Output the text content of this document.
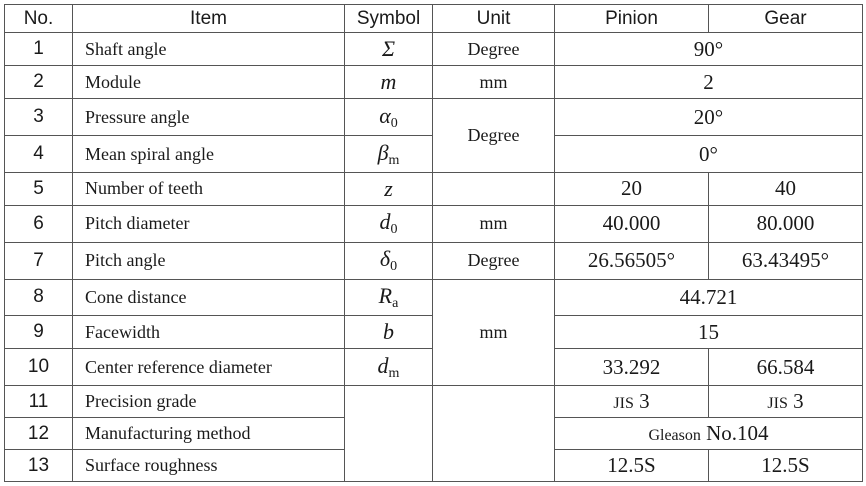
No.	Item	Symbol	Unit	Pinion	Gear
1	Shaft angle	Σ	Degree	90°	
2	Module	m	mm	2	
3	Pressure angle	$\alpha_0$	Degree	20°	
4	Mean spiral angle	$\beta_m$		0°	
5	Number of teeth	z		20	40
6	Pitch diameter	$d_0$	mm	40.000	80.000
7	Pitch angle	$\delta_0$	Degree	26.56505°	63.43495°
8	Cone distance	$R_a$	mm	44.721	
9	Facewidth	b		15	
10	Center reference diameter	$d_m$		33.292	66.584
11	Precision grade			JIS 3	JIS 3
12	Manufacturing method			Gleason No.104	
13	Surface roughness			12.5S	12.5S
